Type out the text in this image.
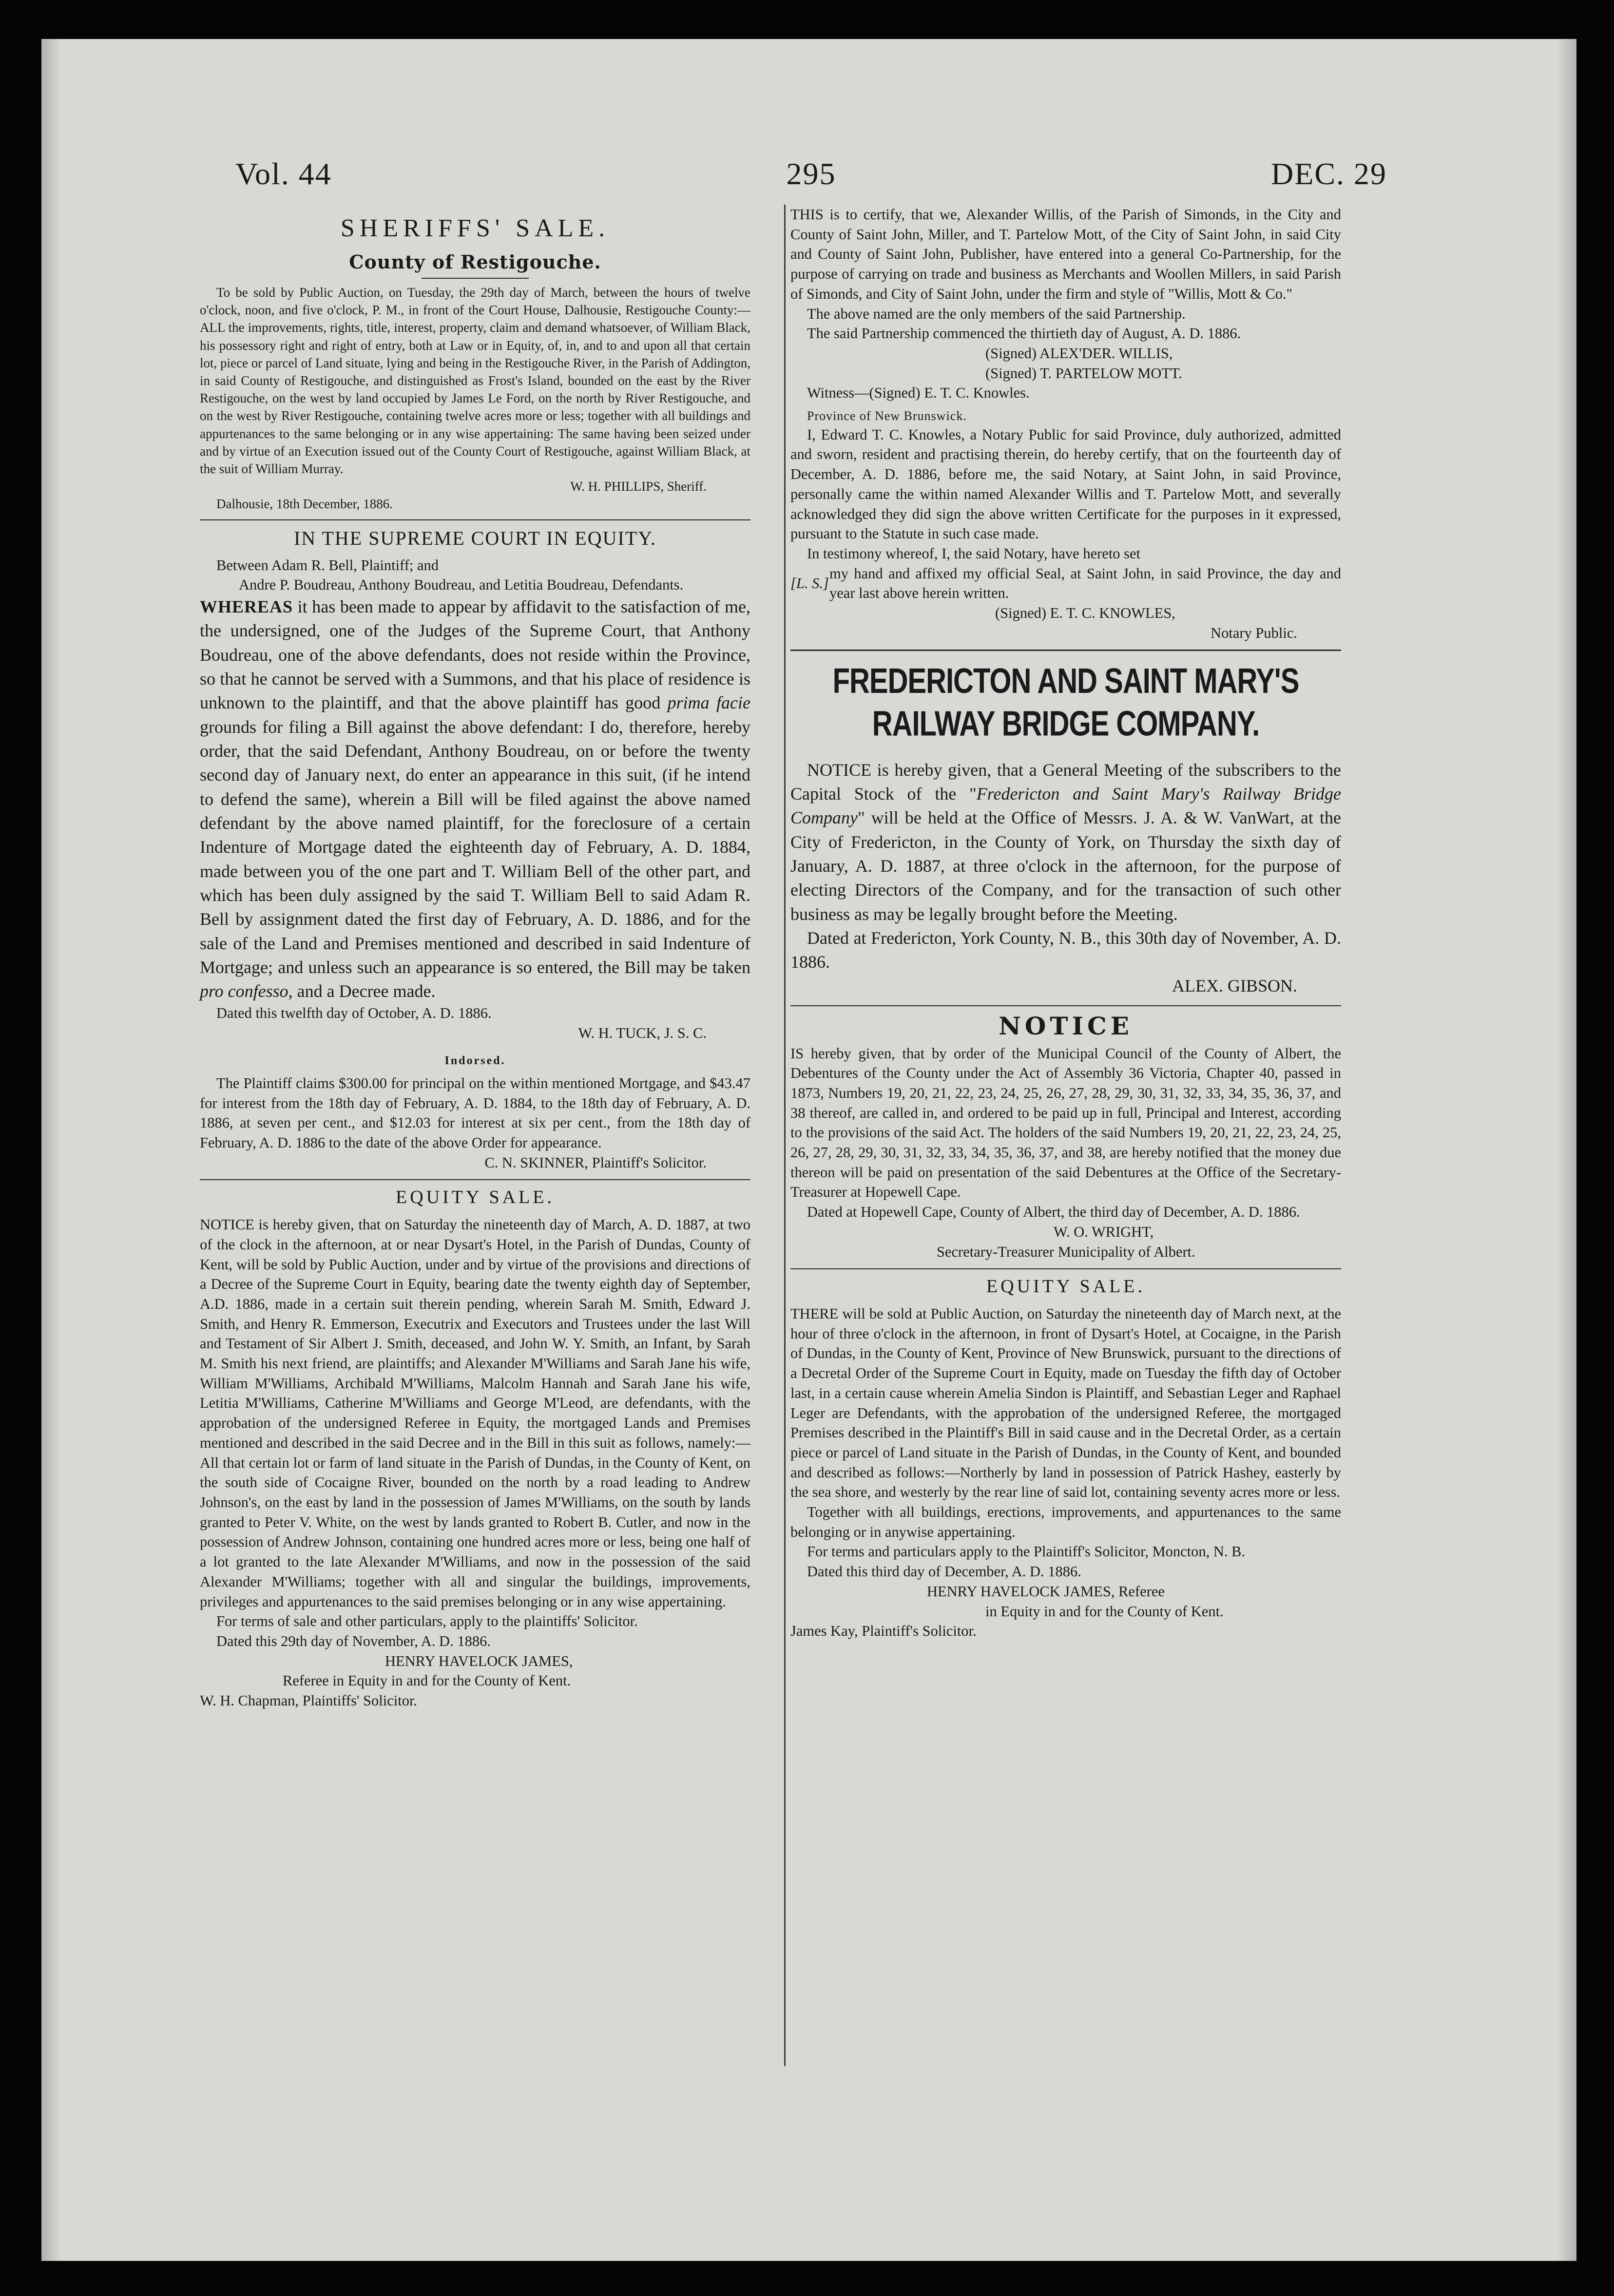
Vol. 44	295	DEC. 29
SHERIFFS' SALE.
County of Restigouche.

To be sold by Public Auction, on Tuesday, the 29th day of March, between the hours of twelve o'clock, noon, and five o'clock, P. M., in front of the Court House, Dalhousie, Restigouche County:— ALL the improvements, rights, title, interest, property, claim and demand whatsoever, of William Black, his possessory right and right of entry, both at Law or in Equity, of, in, and to and upon all that certain lot, piece or parcel of Land situate, lying and being in the Restigouche River, in the Parish of Addington, in said County of Restigouche, and distinguished as Frost's Island, bounded on the east by the River Restigouche, on the west by land occupied by James Le Ford, on the north by River Restigouche, and on the west by River Restigouche, containing twelve acres more or less; together with all buildings and appurtenances to the same belonging or in any wise appertaining: The same having been seized under and by virtue of an Execution issued out of the County Court of Restigouche, against William Black, at the suit of William Murray.

W. H. PHILLIPS, Sheriff.

Dalhousie, 18th December, 1886.

IN THE SUPREME COURT IN EQUITY.

Between Adam R. Bell, Plaintiff; and

Andre P. Boudreau, Anthony Boudreau, and Letitia Boudreau, Defendants.

WHEREAS it has been made to appear by affidavit to the satisfaction of me, the undersigned, one of the Judges of the Supreme Court, that Anthony Boudreau, one of the above defendants, does not reside within the Province, so that he cannot be served with a Summons, and that his place of residence is unknown to the plaintiff, and that the above plaintiff has good prima facie grounds for filing a Bill against the above defendant: I do, therefore, hereby order, that the said Defendant, Anthony Boudreau, on or before the twenty second day of January next, do enter an appearance in this suit, (if he intend to defend the same), wherein a Bill will be filed against the above named defendant by the above named plaintiff, for the foreclosure of a certain Indenture of Mortgage dated the eighteenth day of February, A. D. 1884, made between you of the one part and T. William Bell of the other part, and which has been duly assigned by the said T. William Bell to said Adam R. Bell by assignment dated the first day of February, A. D. 1886, and for the sale of the Land and Premises mentioned and described in said Indenture of Mortgage; and unless such an appearance is so entered, the Bill may be taken pro confesso, and a Decree made.

Dated this twelfth day of October, A. D. 1886.

W. H. TUCK, J. S. C.

Indorsed.

The Plaintiff claims $300.00 for principal on the within mentioned Mortgage, and $43.47 for interest from the 18th day of February, A. D. 1884, to the 18th day of February, A. D. 1886, at seven per cent., and $12.03 for interest at six per cent., from the 18th day of February, A. D. 1886 to the date of the above Order for appearance.

C. N. SKINNER, Plaintiff's Solicitor.

EQUITY SALE.

NOTICE is hereby given, that on Saturday the nineteenth day of March, A. D. 1887, at two of the clock in the afternoon, at or near Dysart's Hotel, in the Parish of Dundas, County of Kent, will be sold by Public Auction, under and by virtue of the provisions and directions of a Decree of the Supreme Court in Equity, bearing date the twenty eighth day of September, A.D. 1886, made in a certain suit therein pending, wherein Sarah M. Smith, Edward J. Smith, and Henry R. Emmerson, Executrix and Executors and Trustees under the last Will and Testament of Sir Albert J. Smith, deceased, and John W. Y. Smith, an Infant, by Sarah M. Smith his next friend, are plaintiffs; and Alexander M'Williams and Sarah Jane his wife, William M'Williams, Archibald M'Williams, Malcolm Hannah and Sarah Jane his wife, Letitia M'Williams, Catherine M'Williams and George M'Leod, are defendants, with the approbation of the undersigned Referee in Equity, the mortgaged Lands and Premises mentioned and described in the said Decree and in the Bill in this suit as follows, namely:—All that certain lot or farm of land situate in the Parish of Dundas, in the County of Kent, on the south side of Cocaigne River, bounded on the north by a road leading to Andrew Johnson's, on the east by land in the possession of James M'Williams, on the south by lands granted to Peter V. White, on the west by lands granted to Robert B. Cutler, and now in the possession of Andrew Johnson, containing one hundred acres more or less, being one half of a lot granted to the late Alexander M'Williams, and now in the possession of the said Alexander M'Williams; together with all and singular the buildings, improvements, privileges and appurtenances to the said premises belonging or in any wise appertaining.

For terms of sale and other particulars, apply to the plaintiffs' Solicitor.

Dated this 29th day of November, A. D. 1886.

HENRY HAVELOCK JAMES,

Referee in Equity in and for the County of Kent.

W. H. Chapman, Plaintiffs' Solicitor.

THIS is to certify, that we, Alexander Willis, of the Parish of Simonds, in the City and County of Saint John, Miller, and T. Partelow Mott, of the City of Saint John, in said City and County of Saint John, Publisher, have entered into a general Co-Partnership, for the purpose of carrying on trade and business as Merchants and Woollen Millers, in said Parish of Simonds, and City of Saint John, under the firm and style of "Willis, Mott & Co."

The above named are the only members of the said Partnership.

The said Partnership commenced the thirtieth day of August, A. D. 1886.

(Signed) ALEX'DER. WILLIS,

(Signed) T. PARTELOW MOTT.

Witness—(Signed) E. T. C. Knowles.

Province of New Brunswick.

I, Edward T. C. Knowles, a Notary Public for said Province, duly authorized, admitted and sworn, resident and practising therein, do hereby certify, that on the fourteenth day of December, A. D. 1886, before me, the said Notary, at Saint John, in said Province, personally came the within named Alexander Willis and T. Partelow Mott, and severally acknowledged they did sign the above written Certificate for the purposes in it expressed, pursuant to the Statute in such case made.

In testimony whereof, I, the said Notary, have hereto set

[L. S.]

my hand and affixed my official Seal, at Saint John, in said Province, the day and year last above herein written.

(Signed) E. T. C. KNOWLES,

Notary Public.

FREDERICTON AND SAINT MARY'S RAILWAY BRIDGE COMPANY.

NOTICE is hereby given, that a General Meeting of the subscribers to the Capital Stock of the "Fredericton and Saint Mary's Railway Bridge Company" will be held at the Office of Messrs. J. A. & W. VanWart, at the City of Fredericton, in the County of York, on Thursday the sixth day of January, A. D. 1887, at three o'clock in the afternoon, for the purpose of electing Directors of the Company, and for the transaction of such other business as may be legally brought before the Meeting.

Dated at Fredericton, York County, N. B., this 30th day of November, A. D. 1886.

ALEX. GIBSON.

NOTICE

IS hereby given, that by order of the Municipal Council of the County of Albert, the Debentures of the County under the Act of Assembly 36 Victoria, Chapter 40, passed in 1873, Numbers 19, 20, 21, 22, 23, 24, 25, 26, 27, 28, 29, 30, 31, 32, 33, 34, 35, 36, 37, and 38 thereof, are called in, and ordered to be paid up in full, Principal and Interest, according to the provisions of the said Act. The holders of the said Numbers 19, 20, 21, 22, 23, 24, 25, 26, 27, 28, 29, 30, 31, 32, 33, 34, 35, 36, 37, and 38, are hereby notified that the money due thereon will be paid on presentation of the said Debentures at the Office of the Secretary-Treasurer at Hopewell Cape.

Dated at Hopewell Cape, County of Albert, the third day of December, A. D. 1886.

W. O. WRIGHT,

Secretary-Treasurer Municipality of Albert.

EQUITY SALE.

THERE will be sold at Public Auction, on Saturday the nineteenth day of March next, at the hour of three o'clock in the afternoon, in front of Dysart's Hotel, at Cocaigne, in the Parish of Dundas, in the County of Kent, Province of New Brunswick, pursuant to the directions of a Decretal Order of the Supreme Court in Equity, made on Tuesday the fifth day of October last, in a certain cause wherein Amelia Sindon is Plaintiff, and Sebastian Leger and Raphael Leger are Defendants, with the approbation of the undersigned Referee, the mortgaged Premises described in the Plaintiff's Bill in said cause and in the Decretal Order, as a certain piece or parcel of Land situate in the Parish of Dundas, in the County of Kent, and bounded and described as follows:—Northerly by land in possession of Patrick Hashey, easterly by the sea shore, and westerly by the rear line of said lot, containing seventy acres more or less.

Together with all buildings, erections, improvements, and appurtenances to the same belonging or in anywise appertaining.

For terms and particulars apply to the Plaintiff's Solicitor, Moncton, N. B.

Dated this third day of December, A. D. 1886.

HENRY HAVELOCK JAMES, Referee

in Equity in and for the County of Kent.

James Kay, Plaintiff's Solicitor.
